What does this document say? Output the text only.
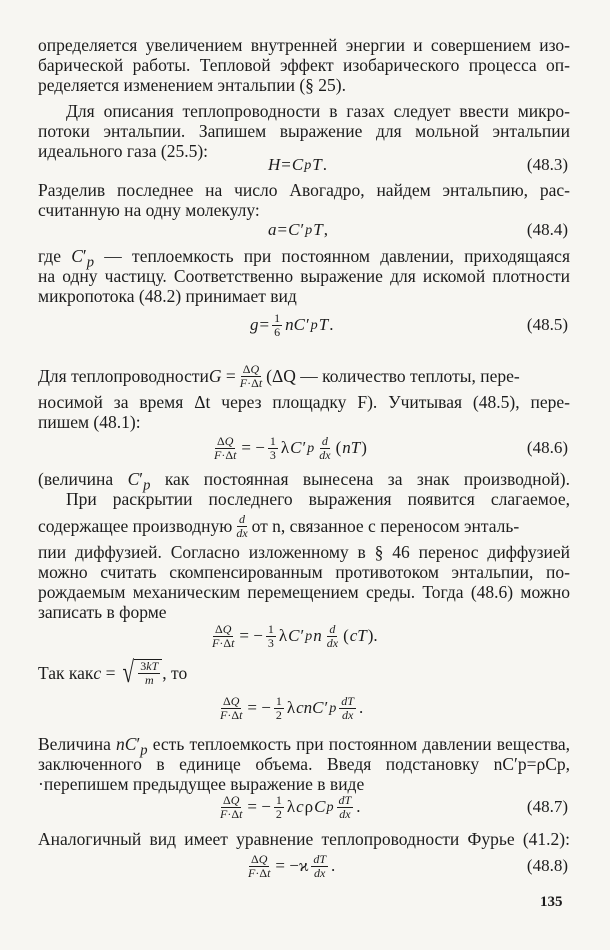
определяется увеличением внутренней энергии и совершением изо-
барической работы. Тепловой эффект изобарического процесса оп-
ределяется изменением энтальпии (§ 25).
Для описания теплопроводности в газах следует ввести микро-
потоки энтальпии. Запишем выражение для мольной энтальпии
идеального газа (25.5):
H = C p T .	(48.3)
Разделив последнее на число Авогадро, найдем энтальпию, рас-
считанную на одну молекулу:
a = C ′ p T ,	(48.4)
где $C'_p$ — теплоемкость при постоянном давлении, приходящаяся
на одну частицу. Соответственно выражение для искомой плотности
микропотока (48.2) принимает вид
g = 1
6 nC ′ p T .	(48.5)
Для теплопроводности G = ΔQ
F·Δt (ΔQ — количество теплоты, пере-
носимой за время Δt через площадку F). Учитывая (48.5), пере-
пишем (48.1):
ΔQ
F·Δt = − 1
3 λ C ′ p d
dx ( nT )	(48.6)
(величина $C'_p$ как постоянная вынесена за знак производной).
При раскрытии последнего выражения появится слагаемое,
содержащее производную d
dx от n, связанное с переносом энталь-
пии диффузией. Согласно изложенному в § 46 перенос диффузией
можно считать скомпенсированным противотоком энтальпии, по-
рождаемым механическим перемещением среды. Тогда (48.6) можно
записать в форме
ΔQ
F·Δt = − 1
3 λ C ′ p n d
dx ( cT ).
Так как c = √ $\frac{3kT}{m}$ , то
ΔQ
F·Δt = − 1
2 λ cnC ′ p dT
dx .
Величина $nC'_p$ есть теплоемкость при постоянном давлении вещества,
заключенного в единице объема. Введя подстановку nC′p=ρCp,
·перепишем предыдущее выражение в виде
ΔQ
F·Δt = − 1
2 λ c ρ C p dT
dx .	(48.7)
Аналогичный вид имеет уравнение теплопроводности Фурье (41.2):
ΔQ
F·Δt = −ϰ dT
dx .	(48.8)
135
